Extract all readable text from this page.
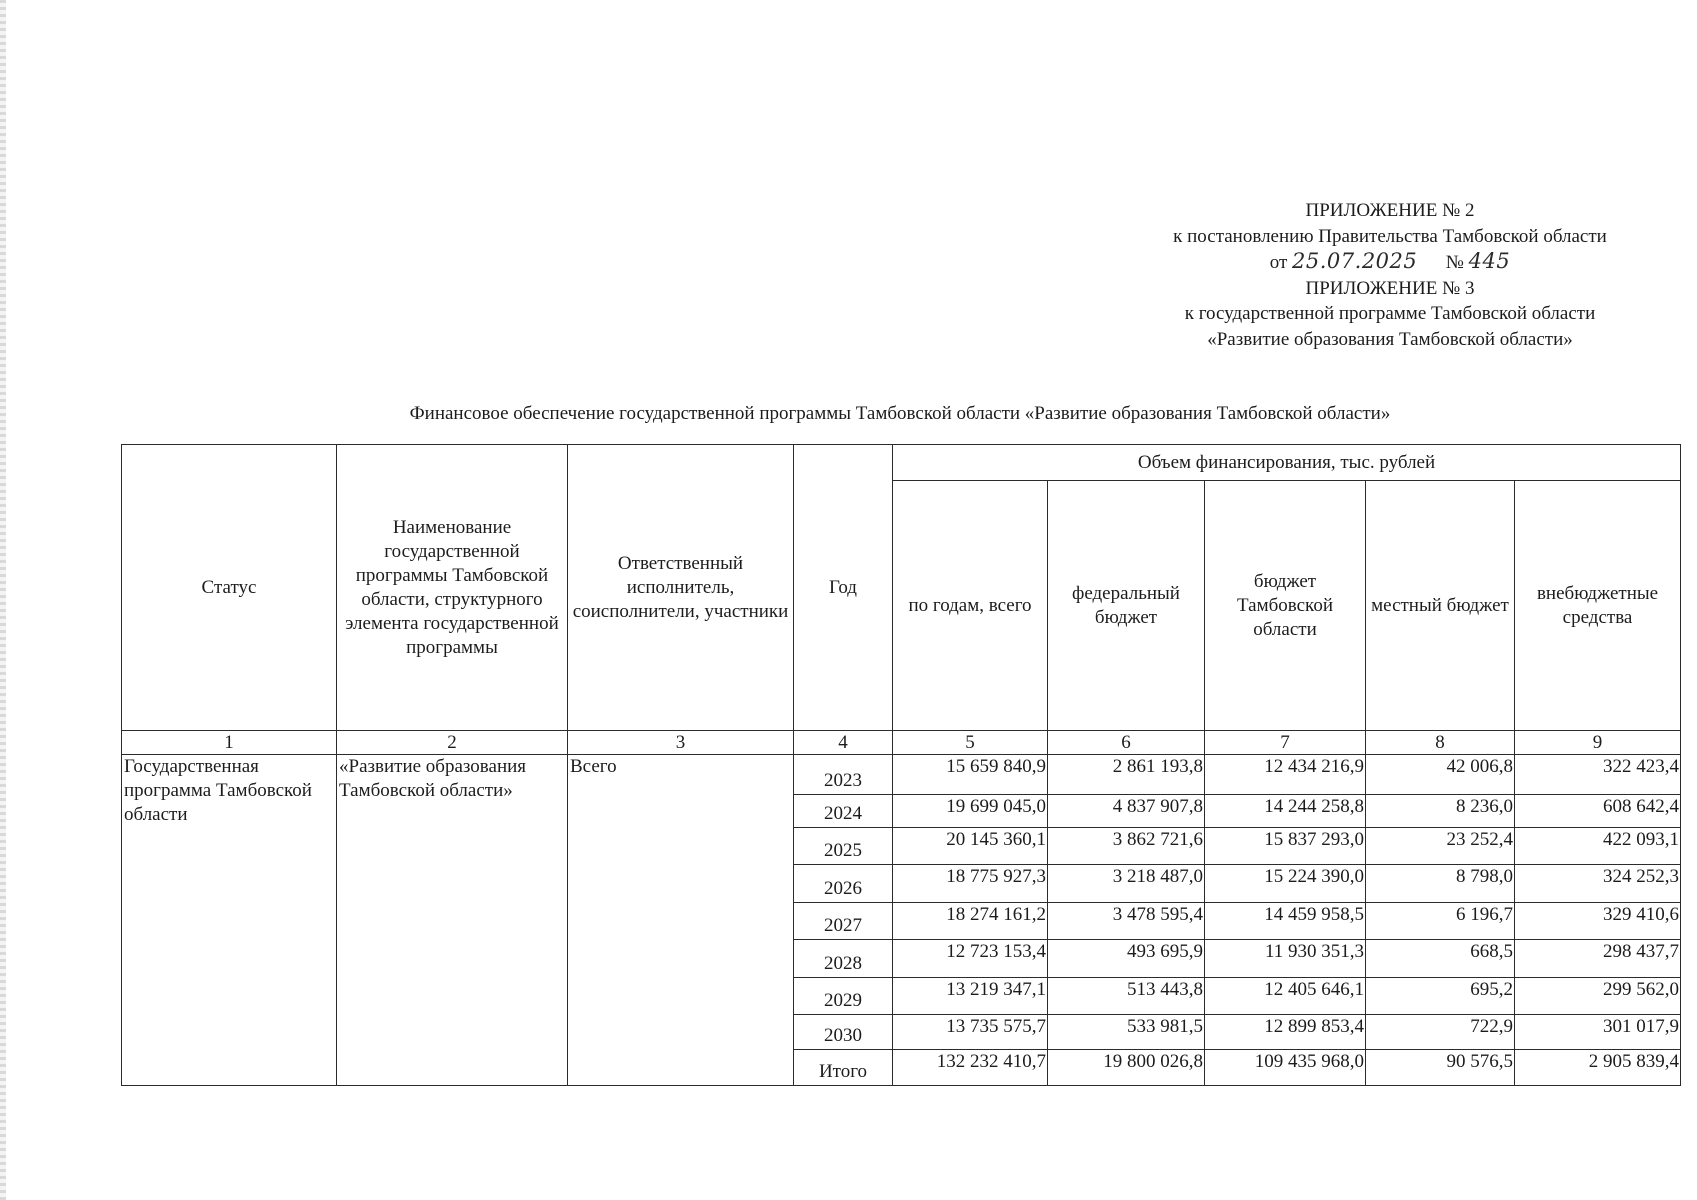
ПРИЛОЖЕНИЕ № 2
к постановлению Правительства Тамбовской области
от 25.07.2025 № 445
ПРИЛОЖЕНИЕ № 3
к государственной программе Тамбовской области
«Развитие образования Тамбовской области»
Финансовое обеспечение государственной программы Тамбовской области «Развитие образования Тамбовской области»
Статус	Наименование государственной программы Тамбовской области, структурного элемента государственной программы	Ответственный исполнитель, соисполнители, участники	Год	Объем финансирования, тыс. рублей				
				по годам, всего	федеральный бюджет	бюджет Тамбовской области	местный бюджет	внебюджетные средства
1	2	3	4	5	6	7	8	9
Государственная программа Тамбовской области	«Развитие образования Тамбовской области»	Всего	2023	15 659 840,9	2 861 193,8	12 434 216,9	42 006,8	322 423,4
			2024	19 699 045,0	4 837 907,8	14 244 258,8	8 236,0	608 642,4
			2025	20 145 360,1	3 862 721,6	15 837 293,0	23 252,4	422 093,1
			2026	18 775 927,3	3 218 487,0	15 224 390,0	8 798,0	324 252,3
			2027	18 274 161,2	3 478 595,4	14 459 958,5	6 196,7	329 410,6
			2028	12 723 153,4	493 695,9	11 930 351,3	668,5	298 437,7
			2029	13 219 347,1	513 443,8	12 405 646,1	695,2	299 562,0
			2030	13 735 575,7	533 981,5	12 899 853,4	722,9	301 017,9
			Итого	132 232 410,7	19 800 026,8	109 435 968,0	90 576,5	2 905 839,4
